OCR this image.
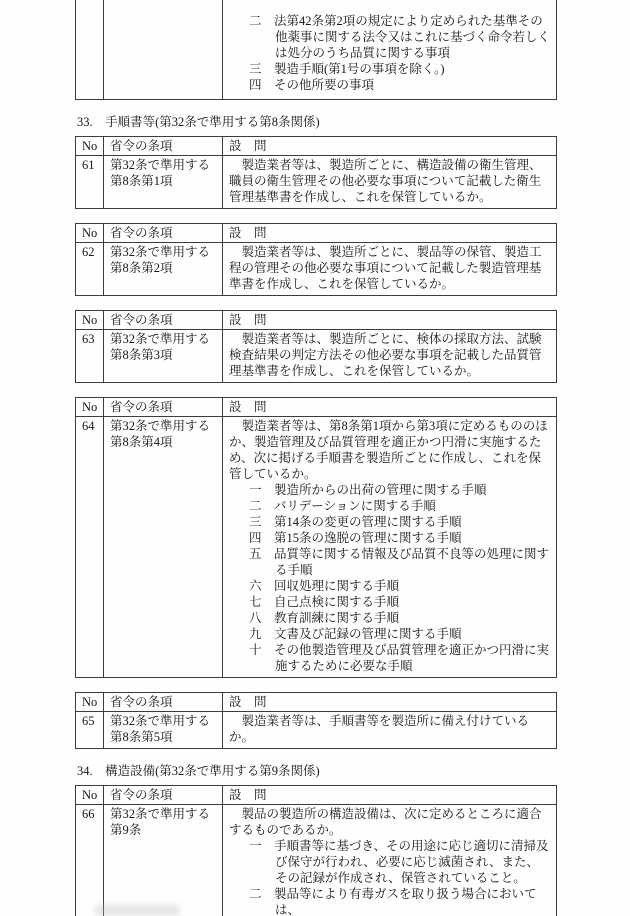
二　法第42条第2項の規定により定められた基準その他薬事に関する法令又はこれに基づく命令若しくは処分のうち品質に関する事項
三　製造手順(第1号の事項を除く。)
四　その他所要の事項
33.　手順書等(第32条で準用する第8条関係)
No	省令の条項	設　問
61	第32条で準用する第8条第1項	　製造業者等は、製造所ごとに、構造設備の衛生管理、職員の衛生管理その他必要な事項について記載した衛生管理基準書を作成し、これを保管しているか。
No	省令の条項	設　問
62	第32条で準用する第8条第2項	　製造業者等は、製造所ごとに、製品等の保管、製造工程の管理その他必要な事項について記載した製造管理基準書を作成し、これを保管しているか。
No	省令の条項	設　問
63	第32条で準用する第8条第3項	　製造業者等は、製造所ごとに、検体の採取方法、試験検査結果の判定方法その他必要な事項を記載した品質管理基準書を作成し、これを保管しているか。
No	省令の条項	設　問
64	第32条で準用する第8条第4項	
　製造業者等は、第8条第1項から第3項に定めるもののほか、製造管理及び品質管理を適正かつ円滑に実施するため、次に掲げる手順書を製造所ごとに作成し、これを保管しているか。
一　製造所からの出荷の管理に関する手順
二　バリデーションに関する手順
三　第14条の変更の管理に関する手順
四　第15条の逸脱の管理に関する手順
五　品質等に関する情報及び品質不良等の処理に関する手順
六　回収処理に関する手順
七　自己点検に関する手順
八　教育訓練に関する手順
九　文書及び記録の管理に関する手順
十　その他製造管理及び品質管理を適正かつ円滑に実施するために必要な手順
No	省令の条項	設　問
65	第32条で準用する第8条第5項	　製造業者等は、手順書等を製造所に備え付けているか。
34.　構造設備(第32条で準用する第9条関係)
No	省令の条項	設　問
66	第32条で準用する第9条	　製品の製造所の構造設備は、次に定めるところに適合するものであるか。
一　手順書等に基づき、その用途に応じ適切に清掃及び保守が行われ、必要に応じ滅菌され、また、その記録が作成され、保管されていること。
二　製品等により有毒ガスを取り扱う場合においては、
